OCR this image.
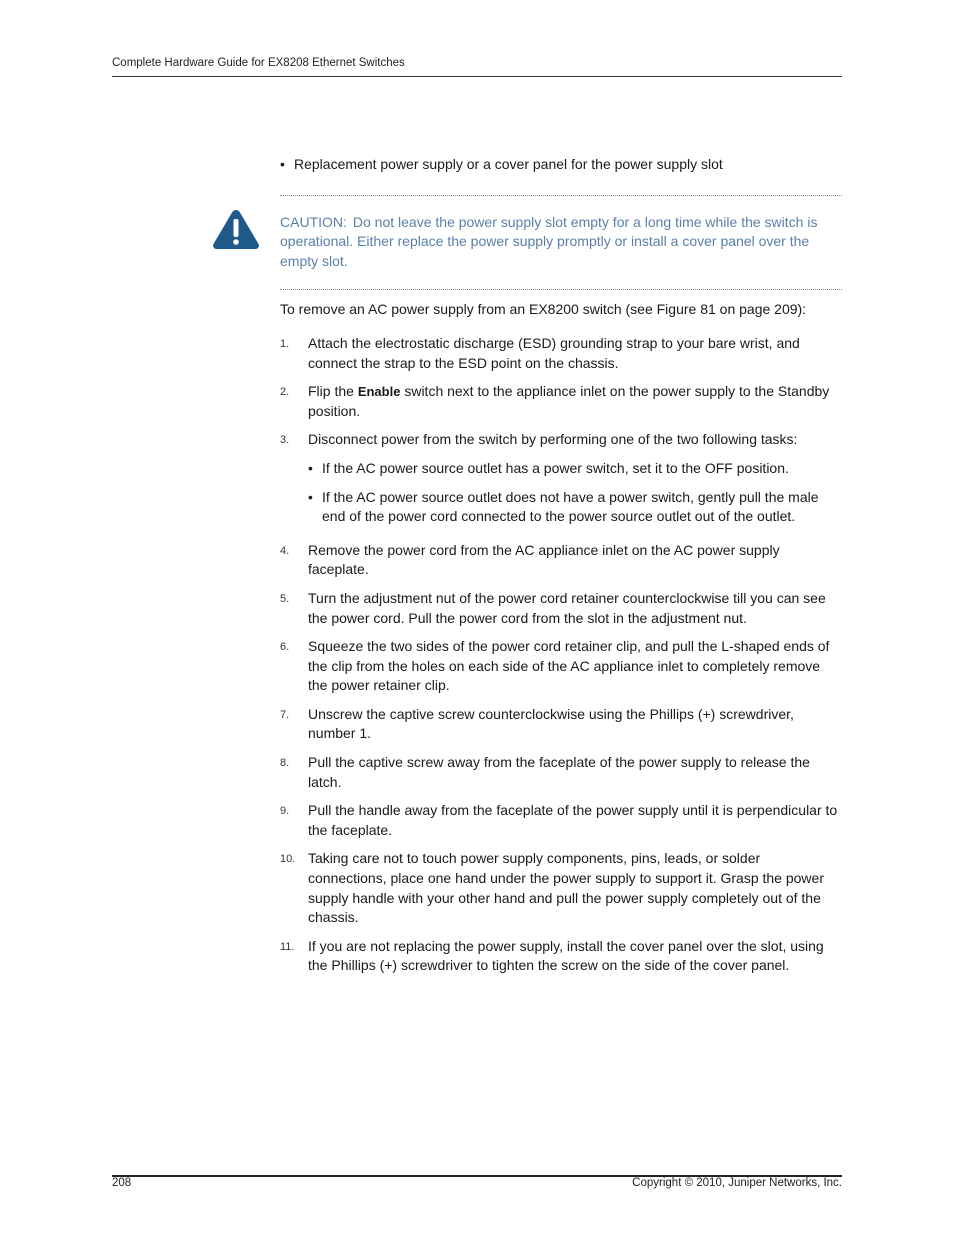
Complete Hardware Guide for EX8208 Ethernet Switches

• Replacement power supply or a cover panel for the power supply slot

CAUTION: Do not leave the power supply slot empty for a long time while the switch is operational. Either replace the power supply promptly or install a cover panel over the empty slot.

To remove an AC power supply from an EX8200 switch (see Figure 81 on page 209):

1. Attach the electrostatic discharge (ESD) grounding strap to your bare wrist, and connect the strap to the ESD point on the chassis.
2. Flip the Enable switch next to the appliance inlet on the power supply to the Standby position.
3. Disconnect power from the switch by performing one of the two following tasks:
• If the AC power source outlet has a power switch, set it to the OFF position.
• If the AC power source outlet does not have a power switch, gently pull the male end of the power cord connected to the power source outlet out of the outlet.
4. Remove the power cord from the AC appliance inlet on the AC power supply faceplate.
5. Turn the adjustment nut of the power cord retainer counterclockwise till you can see the power cord. Pull the power cord from the slot in the adjustment nut.
6. Squeeze the two sides of the power cord retainer clip, and pull the L-shaped ends of the clip from the holes on each side of the AC appliance inlet to completely remove the power retainer clip.
7. Unscrew the captive screw counterclockwise using the Phillips (+) screwdriver, number 1.
8. Pull the captive screw away from the faceplate of the power supply to release the latch.
9. Pull the handle away from the faceplate of the power supply until it is perpendicular to the faceplate.
10. Taking care not to touch power supply components, pins, leads, or solder connections, place one hand under the power supply to support it. Grasp the power supply handle with your other hand and pull the power supply completely out of the chassis.
11. If you are not replacing the power supply, install the cover panel over the slot, using the Phillips (+) screwdriver to tighten the screw on the side of the cover panel.
208	Copyright © 2010, Juniper Networks, Inc.
